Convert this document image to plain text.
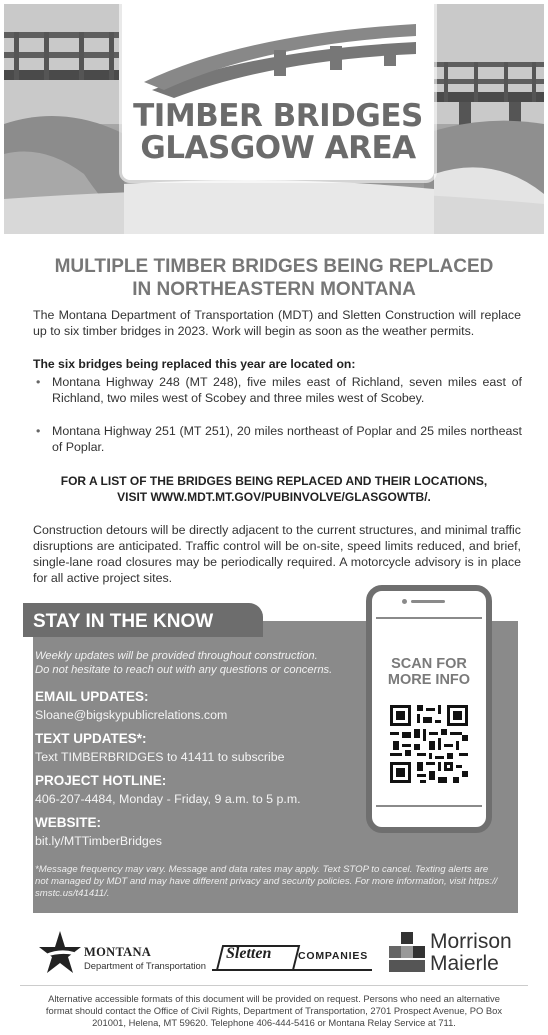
TIMBER BRIDGES
GLASGOW AREA
MULTIPLE TIMBER BRIDGES BEING REPLACED
IN NORTHEASTERN MONTANA
The Montana Department of Transportation (MDT) and Sletten Construction will replace up to six timber bridges in 2023. Work will begin as soon as the weather permits.
The six bridges being replaced this year are located on:
• Montana Highway 248 (MT 248), five miles east of Richland, seven miles east of Richland, two miles west of Scobey and three miles west of Scobey.
• Montana Highway 251 (MT 251), 20 miles northeast of Poplar and 25 miles northeast of Poplar.
FOR A LIST OF THE BRIDGES BEING REPLACED AND THEIR LOCATIONS,
VISIT WWW.MDT.MT.GOV/PUBINVOLVE/GLASGOWTB/.
Construction detours will be directly adjacent to the current structures, and minimal traffic disruptions are anticipated. Traffic control will be on-site, speed limits reduced, and brief, single-lane road closures may be periodically required. A motorcycle advisory is in place for all active project sites.
STAY IN THE KNOW
Weekly updates will be provided throughout construction.
Do not hesitate to reach out with any questions or concerns.
EMAIL UPDATES:
Sloane@bigskypublicrelations.com
TEXT UPDATES*:
Text TIMBERBRIDGES to 41411 to subscribe
PROJECT HOTLINE:
406-207-4484, Monday - Friday, 9 a.m. to 5 p.m.
WEBSITE:
bit.ly/MTTimberBridges
*Message frequency may vary. Message and data rates may apply. Text STOP to cancel. Texting alerts are
not managed by MDT and may have different privacy and security policies. For more information, visit https://
smstc.us/t41411/.
SCAN FOR
MORE INFO
MONTANA
Department of Transportation
Sletten	COMPANIES
Morrison
Maierle
Alternative accessible formats of this document will be provided on request. Persons who need an alternative format should contact the Office of Civil Rights, Department of Transportation, 2701 Prospect Avenue, PO Box 201001, Helena, MT 59620. Telephone 406-444-5416 or Montana Relay Service at 711.
